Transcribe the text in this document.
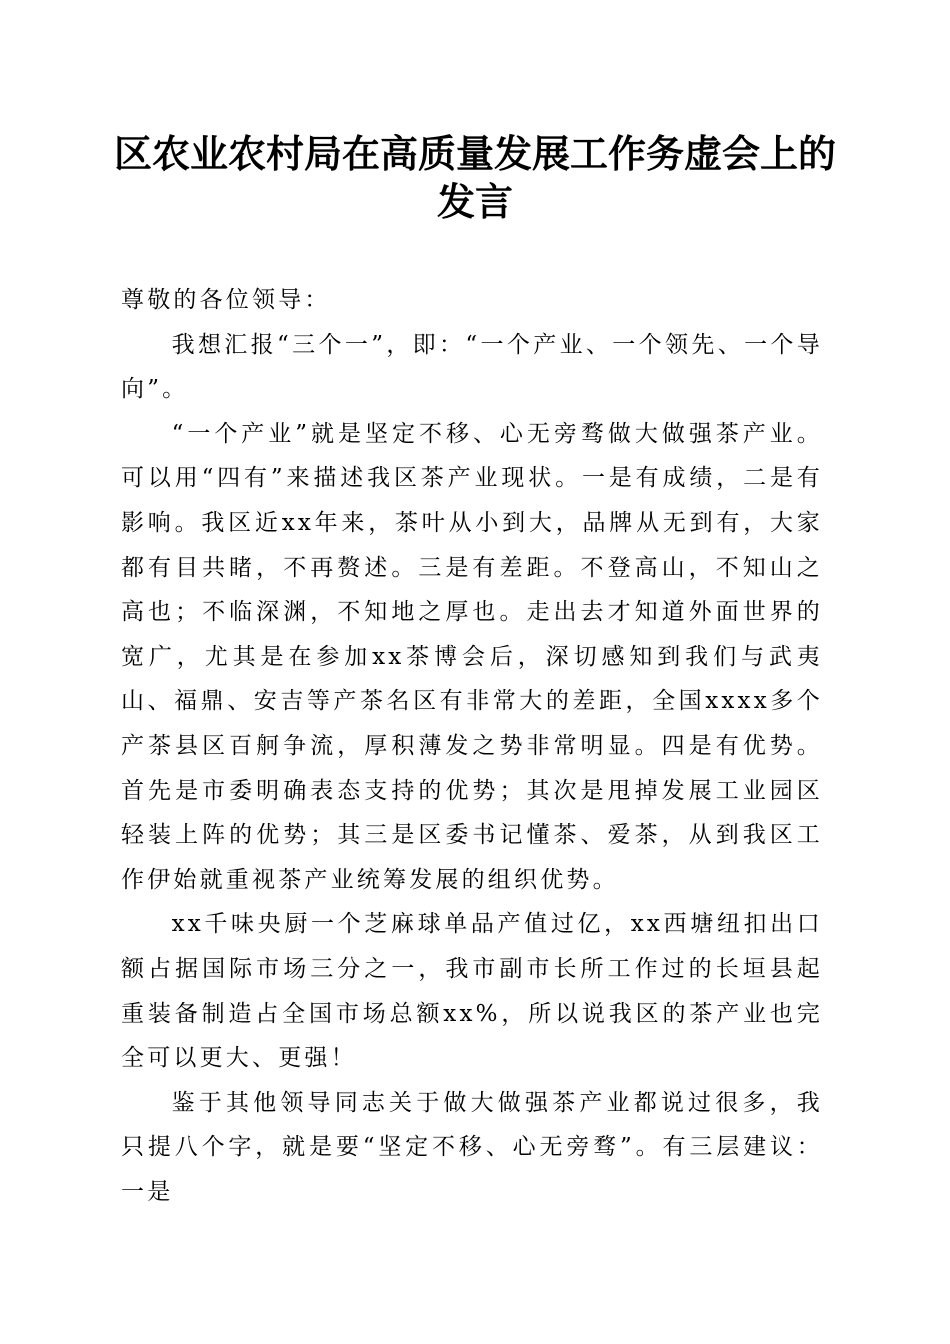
区农业农村局在高质量发展工作务虚会上的发言

尊敬的各位领导：

我想汇报“三个一”，即：“一个产业、一个领先、一个导向”。

“一个产业”就是坚定不移、心无旁骛做大做强茶产业。可以用“四有”来描述我区茶产业现状。一是有成绩，二是有影响。我区近xx年来，茶叶从小到大，品牌从无到有，大家都有目共睹，不再赘述。三是有差距。不登高山，不知山之高也；不临深渊，不知地之厚也。走出去才知道外面世界的宽广，尤其是在参加xx茶博会后，深切感知到我们与武夷山、福鼎、安吉等产茶名区有非常大的差距，全国xxxx多个产茶县区百舸争流，厚积薄发之势非常明显。四是有优势。首先是市委明确表态支持的优势；其次是甩掉发展工业园区轻装上阵的优势；其三是区委书记懂茶、爱茶，从到我区工作伊始就重视茶产业统筹发展的组织优势。

xx千味央厨一个芝麻球单品产值过亿，xx西塘纽扣出口额占据国际市场三分之一，我市副市长所工作过的长垣县起重装备制造占全国市场总额xx%，所以说我区的茶产业也完全可以更大、更强！

鉴于其他领导同志关于做大做强茶产业都说过很多，我只提八个字，就是要“坚定不移、心无旁骛”。有三层建议：一是
